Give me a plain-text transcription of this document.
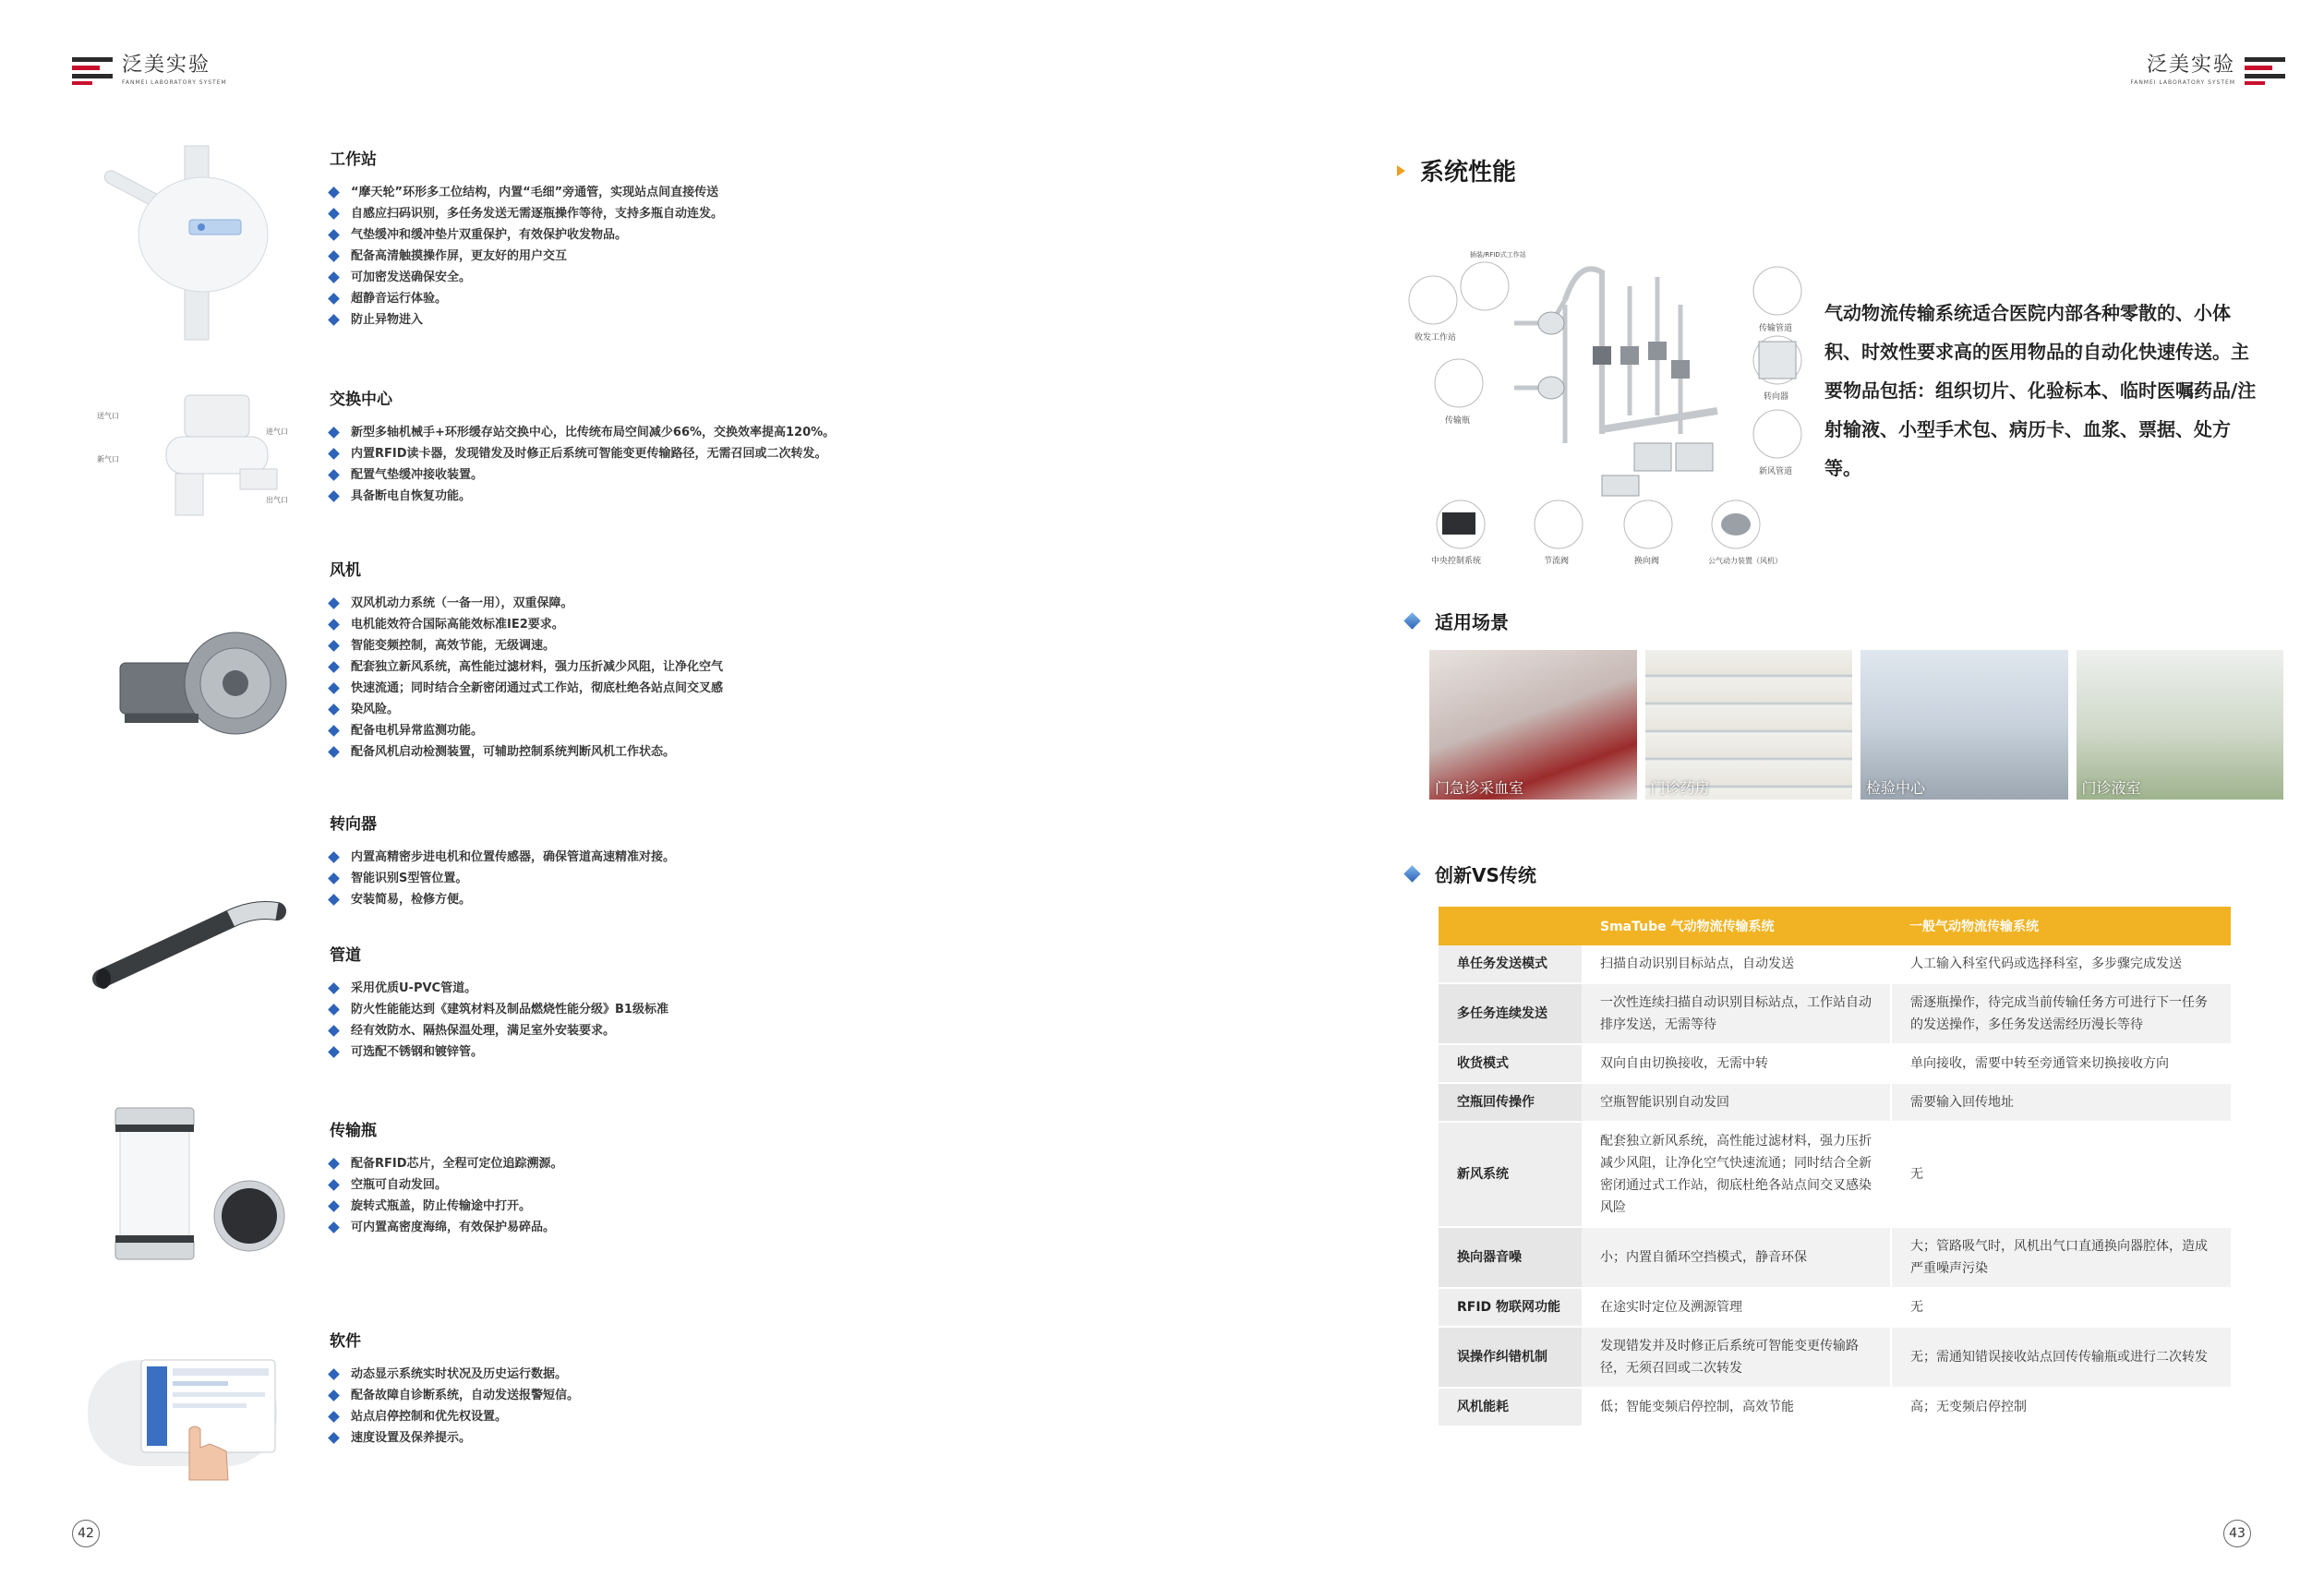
泛美实验
FANMEI LABORATORY SYSTEM
工作站
“摩天轮”环形多工位结构，内置“毛细”旁通管，实现站点间直接传送
自感应扫码识别，多任务发送无需逐瓶操作等待，支持多瓶自动连发。
气垫缓冲和缓冲垫片双重保护，有效保护收发物品。
配备高清触摸操作屏，更友好的用户交互
可加密发送确保安全。
超静音运行体验。
防止异物进入
送气口
新气口
进气口
出气口
交换中心
新型多轴机械手+环形缓存站交换中心，比传统布局空间减少66%，交换效率提高120%。
内置RFID读卡器，发现错发及时修正后系统可智能变更传输路径，无需召回或二次转发。
配置气垫缓冲接收装置。
具备断电自恢复功能。
风机
双风机动力系统（一备一用），双重保障。
电机能效符合国际高能效标准IE2要求。
智能变频控制，高效节能，无级调速。
配套独立新风系统，高性能过滤材料，强力压折减少风阻，让净化空气
快速流通；同时结合全新密闭通过式工作站，彻底杜绝各站点间交叉感
染风险。
配备电机异常监测功能。
配备风机启动检测装置，可辅助控制系统判断风机工作状态。
转向器
内置高精密步进电机和位置传感器，确保管道高速精准对接。
智能识别S型管位置。
安装简易，检修方便。
管道
采用优质U-PVC管道。
防火性能能达到《建筑材料及制品燃烧性能分级》B1级标准
经有效防水、隔热保温处理，满足室外安装要求。
可选配不锈钢和镀锌管。
传输瓶
配备RFID芯片，全程可定位追踪溯源。
空瓶可自动发回。
旋转式瓶盖，防止传输途中打开。
可内置高密度海绵，有效保护易碎品。
软件
动态显示系统实时状况及历史运行数据。
配备故障自诊断系统，自动发送报警短信。
站点启停控制和优先权设置。
速度设置及保养提示。
42
泛美实验
FANMEI LABORATORY SYSTEM
系统性能
收发工作站
插装/RFID式工作站
传输瓶
传输管道
转向器
新风管道
中央控制系统	节流阀	换向阀	公气动力装置（风机）
气动物流传输系统适合医院内部各种零散的、小体积、时效性要求高的医用物品的自动化快速传送。主要物品包括：组织切片、化验标本、临时医嘱药品/注射输液、小型手术包、病历卡、血浆、票据、处方等。
适用场景
门急诊采血室	门诊药房	检验中心	门诊液室
创新VS传统
	SmaTube 气动物流传输系统	一般气动物流传输系统
单任务发送模式	扫描自动识别目标站点，自动发送	人工输入科室代码或选择科室，多步骤完成发送
多任务连续发送	一次性连续扫描自动识别目标站点，工作站自动排序发送，无需等待	需逐瓶操作，待完成当前传输任务方可进行下一任务的发送操作，多任务发送需经历漫长等待
收货模式	双向自由切换接收，无需中转	单向接收，需要中转至旁通管来切换接收方向
空瓶回传操作	空瓶智能识别自动发回	需要输入回传地址
新风系统	配套独立新风系统，高性能过滤材料，强力压折减少风阻，让净化空气快速流通；同时结合全新密闭通过式工作站，彻底杜绝各站点间交叉感染风险	无
换向器音噪	小；内置自循环空挡模式，静音环保	大；管路吸气时，风机出气口直通换向器腔体，造成严重噪声污染
RFID 物联网功能	在途实时定位及溯源管理	无
误操作纠错机制	发现错发并及时修正后系统可智能变更传输路径，无须召回或二次转发	无；需通知错误接收站点回传传输瓶或进行二次转发
风机能耗	低；智能变频启停控制，高效节能	高；无变频启停控制
43
